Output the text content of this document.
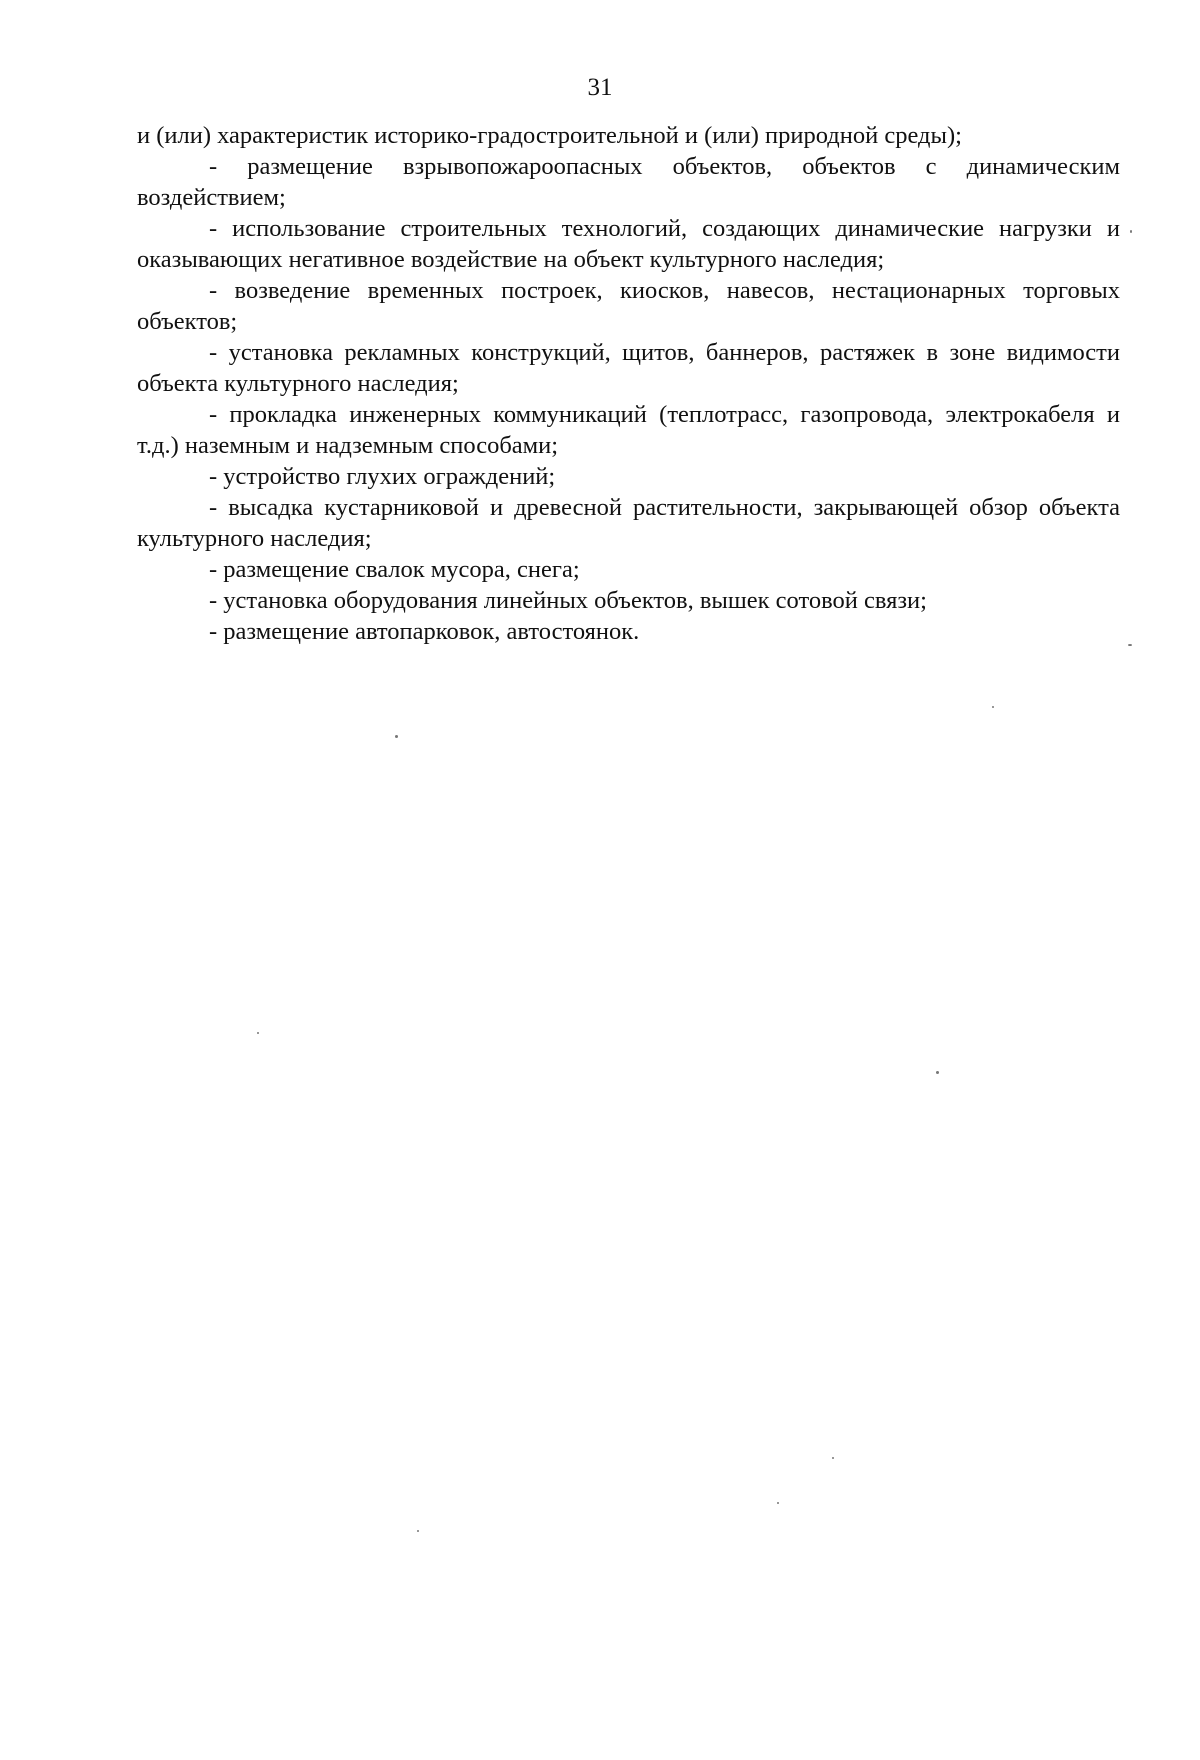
31

и (или) характеристик историко-градостроительной и (или) природной среды);

- размещение взрывопожароопасных объектов, объектов с динамическим воздействием;

- использование строительных технологий, создающих динамические нагрузки и оказывающих негативное воздействие на объект культурного наследия;

- возведение временных построек, киосков, навесов, нестационарных торговых объектов;

- установка рекламных конструкций, щитов, баннеров, растяжек в зоне видимости объекта культурного наследия;

- прокладка инженерных коммуникаций (теплотрасс, газопровода, электрокабеля и т.д.) наземным и надземным способами;

- устройство глухих ограждений;

- высадка кустарниковой и древесной растительности, закрывающей обзор объекта культурного наследия;

- размещение свалок мусора, снега;

- установка оборудования линейных объектов, вышек сотовой связи;

- размещение автопарковок, автостоянок.
